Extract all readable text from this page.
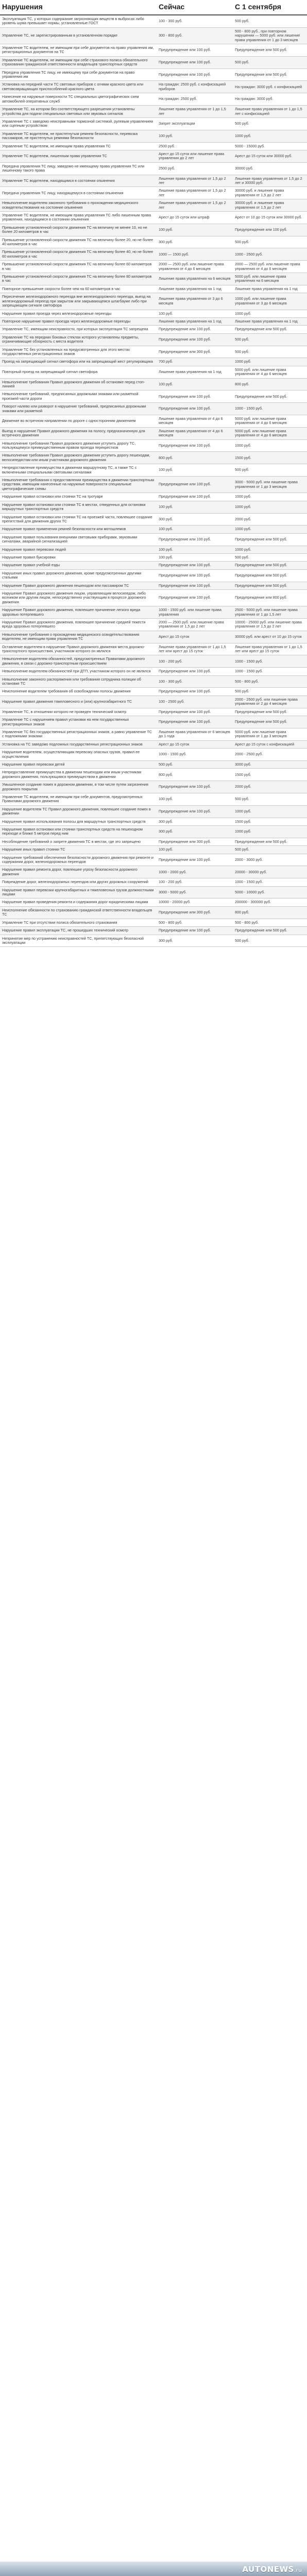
Нарушения	Сейчас	С 1 сентября
Эксплуатация ТС, у которых содержание загрязняющих веществ в выбросах либо уровень шума превышает нормы, установленные ГОСТ	100 - 300 руб.	500 руб.
Управление ТС, не зарегистрированным в установленном порядке	300 - 800 руб.	500 - 800 руб., при повторном нарушении — 5000 руб. или лишение права управления от 1 до 3 месяцев
Управление ТС водителем, не имеющим при себе документов на право управления им, регистрационных документов на ТС	Предупреждение или 100 руб.	Предупреждение или 500 руб.
Управление ТС водителем, не имеющим при себе страхового полиса обязательного страхования гражданской ответственности владельцев транспортных средств	Предупреждение или 100 руб.	500 руб.
Передача управления ТС лицу, не имеющему при себе документов на право управления им	Предупреждение или 100 руб.	Предупреждение или 500 руб.
Установка на передней части ТС световых приборов с огнями красного цвета или световозвращающих приспособлений красного цвета	На граждан: 2500 руб. с конфискацией приборов	На граждан: 3000 руб. с конфискацией
Нанесение на наружные поверхности ТС специальных цветографических схем автомобилей оперативных служб	На граждан: 2500 руб.	На граждан: 3000 руб.
Управление ТС, на котором без соответствующего разрешения установлены устройства для подачи специальных световых или звуковых сигналов	Лишение права управления от 1 до 1,5 лет	Лишение права управления от 1 до 1,5 лет с конфискацией
Управление ТС с заведомо неисправными тормозной системой, рулевым управлением или сцепным устройством	Запрет эксплуатации	500 руб.
Управление ТС водителем, не пристегнутым ремнем безопасности, перевозка пассажиров, не пристегнутых ремнями безопасности	100 руб.	1000 руб.
Управление ТС водителем, не имеющим права управления ТС	2500 руб.	5000 - 15000 руб.
Управление ТС водителем, лишенным права управления ТС	Арест до 15 суток или лишение права управления до 2 лет	Арест до 15 суток или 30000 руб.
Передача управления ТС лицу, заведомо не имеющему права управления ТС или лишенному такого права	2500 руб.	30000 руб.
Управление ТС водителем, находящимся в состоянии опьянения	Лишение права управления от 1,5 до 2 лет	Лишение права управления от 1,5 до 2 лет и 30000 руб.
Передача управления ТС лицу, находящемуся в состоянии опьянения	Лишение права управления от 1,5 до 2 лет	30000 руб. и лишение права управления от 1,5 до 2 лет
Невыполнение водителем законного требования о прохождении медицинского освидетельствования на состояние опьянения	Лишение права управления от 1,5 до 2 лет	30000 руб. и лишение права управления от 1,5 до 2 лет
Управление ТС водителем, не имеющим права управления ТС либо лишенным права управления, находящимся в состоянии опьянения	Арест до 15 суток или штраф	Арест от 10 до 15 суток или 30000 руб.
Превышение установленной скорости движения ТС на величину не менее 10, но не более 20 километров в час	100 руб.	Предупреждение или 100 руб.
Превышение установленной скорости движения ТС на величину более 20, но не более 40 километров в час	300 руб.	500 руб.
Превышение установленной скорости движения ТС на величину более 40, но не более 60 километров в час	1000 — 1500 руб.	1000 - 2500 руб.
Превышение установленной скорости движения ТС на величину более 60 километров в час	2000 — 2500 руб. или лишение права управления от 4 до 6 месяцев	2000 — 2500 руб. или лишение права управления от 4 до 6 месяцев
Превышение установленной скорости движения ТС на величину более 80 километров в час	Лишение права управления на 6 месяцев	5000 руб. или лишение права управления на 6 месяцев
Повторное превышение скорости более чем на 60 километров в час	Лишение права управления на 1 год	Лишение права управления на 1 год
Пересечение железнодорожного переезда вне железнодорожного переезда, выезд на железнодорожный переезд при закрытом или закрывающемся шлагбауме либо при запрещающем сигнале светофора	Лишение права управления от 3 до 6 месяцев	1000 руб. или лишение права управления от 3 до 6 месяцев
Нарушение правил проезда через железнодорожные переезды	100 руб.	1000 руб.
Повторное нарушение правил проезда через железнодорожные переезды	Лишение права управления на 1 год	Лишение права управления на 1 год
Управление ТС, имеющим неисправности, при которых эксплуатация ТС запрещена	Предупреждение или 100 руб.	Предупреждение или 500 руб.
Управление ТС на передних боковых стеклах которого установлены предметы, ограничивающие обзорность с места водителя	Предупреждение или 100 руб.	500 руб.
Управление ТС без установленных на предусмотренных для этого местах государственных регистрационных знаков	Предупреждение или 300 руб.	500 руб.
Проезд на запрещающий сигнал светофора или на запрещающий жест регулировщика	700 руб.	1000 руб.
Повторный проезд на запрещающий сигнал светофора	Лишение права управления на 1 год	5000 руб. или лишение права управления от 4 до 6 месяцев
Невыполнение требования Правил дорожного движения об остановке перед стоп-линией	100 руб.	800 руб.
Невыполнение требований, предписанных дорожными знаками или разметкой проезжей части дороги	Предупреждение или 100 руб.	Предупреждение или 500 руб.
Поворот налево или разворот в нарушение требований, предписанных дорожными знаками или разметкой	Предупреждение или 100 руб.	1000 - 1500 руб.
Движение во встречном направлении по дороге с односторонним движением	Лишение права управления от 4 до 6 месяцев	5000 руб. или лишение права управления от 4 до 6 месяцев
Выезд в нарушение Правил дорожного движения на полосу, предназначенную для встречного движения	Лишение права управления от 4 до 6 месяцев	5000 руб. или лишение права управления от 4 до 6 месяцев
Невыполнение требования Правил дорожного движения уступить дорогу ТС, пользующемуся преимущественным правом проезда перекрестков	Предупреждение или 100 руб.	1000 руб.
Невыполнение требования Правил дорожного движения уступить дорогу пешеходам, велосипедистам или иным участникам дорожного движения	800 руб.	1500 руб.
Непредоставление преимущества в движении маршрутному ТС, а также ТС с включенными специальными световыми сигналами	100 руб.	500 руб.
Невыполнение требования о предоставлении преимущества в движении транспортным средствам, имеющим нанесенные на наружные поверхности специальные цветографические схемы	Предупреждение или 100 руб.	3000 - 5000 руб. или лишение права управления от 1 до 3 месяцев
Нарушение правил остановки или стоянки ТС на тротуаре	Предупреждение или 100 руб.	1000 руб.
Нарушение правил остановки или стоянки ТС в местах, отведенных для остановки маршрутных транспортных средств	100 руб.	1000 руб.
Нарушение правил остановки или стоянки ТС на проезжей части, повлекшее создание препятствий для движения других ТС	300 руб.	2000 руб.
Нарушение правил применения ремней безопасности или мотошлемов	100 руб.	1000 руб.
Нарушение правил пользования внешними световыми приборами, звуковыми сигналами, аварийной сигнализацией	Предупреждение или 100 руб.	Предупреждение или 500 руб.
Нарушение правил перевозки людей	100 руб.	1000 руб.
Нарушение правил буксировки	100 руб.	500 руб.
Нарушение правил учебной езды	Предупреждение или 100 руб.	Предупреждение или 500 руб.
Нарушение иных правил дорожного движения, кроме предусмотренных другими статьями	Предупреждение или 100 руб.	Предупреждение или 500 руб.
Нарушение Правил дорожного движения пешеходом или пассажиром ТС	Предупреждение или 100 руб.	Предупреждение или 500 руб.
Нарушение Правил дорожного движения лицом, управляющим велосипедом, либо возчиком или другим лицом, непосредственно участвующим в процессе дорожного движения	Предупреждение или 100 руб.	Предупреждение или 800 руб.
Нарушение Правил дорожного движения, повлекшее причинение легкого вреда здоровью потерпевшего	1000 - 1500 руб. или лишение права управления	2500 - 5000 руб. или лишение права управления от 1 до 1,5 лет
Нарушение Правил дорожного движения, повлекшее причинение средней тяжести вреда здоровью потерпевшего	2000 — 2500 руб. или лишение права управления от 1,5 до 2 лет	10000 - 25000 руб. или лишение права управления от 1,5 до 2 лет
Невыполнение требования о прохождении медицинского освидетельствования водителем, не имеющим права управления ТС	Арест до 15 суток	30000 руб. или арест от 10 до 15 суток
Оставление водителем в нарушение Правил дорожного движения места дорожно-транспортного происшествия, участником которого он являлся	Лишение права управления от 1 до 1,5 лет или арест до 15 суток	Лишение права управления от 1 до 1,5 лет или арест до 15 суток
Невыполнение водителем обязанностей, предусмотренных Правилами дорожного движения, в связи с дорожно-транспортным происшествием	100 - 200 руб.	1000 - 1500 руб.
Невыполнение водителем обязанностей при ДТП, участником которого он не являлся	Предупреждение или 100 руб.	1000 - 1500 руб.
Невыполнение законного распоряжения или требования сотрудника полиции об остановке ТС	100 - 300 руб.	500 - 800 руб.
Неисполнение водителем требования об освобождении полосы движения	Предупреждение или 100 руб.	500 руб.
Нарушение правил движения тяжеловесного и (или) крупногабаритного ТС	100 - 2500 руб.	2000 - 2500 руб. или лишение права управления от 2 до 4 месяцев
Управление ТС, в отношении которого не проведен технический осмотр	Предупреждение или 100 руб.	Предупреждение или 500 руб.
Управление ТС с нарушением правил установки на нем государственных регистрационных знаков	Предупреждение или 100 руб.	Предупреждение или 500 руб.
Управление ТС без государственных регистрационных знаков, а равно управление ТС с подложными знаками	Лишение права управления от 6 месяцев до 1 года	5000 руб. или лишение права управления от 1 до 3 месяцев
Установка на ТС заведомо подложных государственных регистрационных знаков	Арест до 15 суток	Арест до 15 суток с конфискацией
Нарушение водителем, осуществляющим перевозку опасных грузов, правил ее осуществления	1000 - 1500 руб.	2000 - 2500 руб.
Нарушение правил перевозки детей	500 руб.	3000 руб.
Непредоставление преимущества в движении пешеходам или иным участникам дорожного движения, пользующимся преимуществом в движении	800 руб.	1500 руб.
Умышленное создание помех в дорожном движении, в том числе путем загрязнения дорожного покрытия	Предупреждение или 100 руб.	2000 руб.
Управление ТС водителем, не имеющим при себе документов, предусмотренных Правилами дорожного движения	100 руб.	500 руб.
Нарушение водителем ТС Правил дорожного движения, повлекшее создание помех в движении	Предупреждение или 100 руб.	1000 руб.
Нарушение правил использования полосы для маршрутных транспортных средств	300 руб.	1500 руб.
Нарушение правил остановки или стоянки транспортных средств на пешеходном переходе и ближе 5 метров перед ним	300 руб.	1000 руб.
Несоблюдение требований о запрете движения ТС в местах, где это запрещено	Предупреждение или 300 руб.	Предупреждение или 500 руб.
Нарушение иных правил стоянки ТС	100 руб.	500 руб.
Нарушение требований обеспечения безопасности дорожного движения при ремонте и содержании дорог, железнодорожных переездов	Предупреждение или 100 руб.	2000 - 3000 руб.
Нарушение правил ремонта дорог, повлекшее угрозу безопасности дорожного движения	1000 - 2000 руб.	20000 - 30000 руб.
Повреждение дорог, железнодорожных переездов или других дорожных сооружений	100 - 200 руб.	1000 - 1500 руб.
Нарушение правил перевозки крупногабаритных и тяжеловесных грузов должностными лицами	3000 - 5000 руб.	5000 - 10000 руб.
Нарушение правил проведения ремонта и содержания дорог юридическими лицами	10000 - 20000 руб.	200000 - 300000 руб.
Неисполнение обязанности по страхованию гражданской ответственности владельцев ТС	Предупреждение или 300 руб.	800 руб.
Управление ТС при отсутствии полиса обязательного страхования	500 - 800 руб.	500 - 800 руб.
Нарушение правил эксплуатации ТС, не прошедших технический осмотр	Предупреждение или 100 руб.	Предупреждение или 500 руб.
Непринятие мер по устранению неисправностей ТС, препятствующих безопасной эксплуатации	300 руб.	500 руб.
AUTONEWS.ru
